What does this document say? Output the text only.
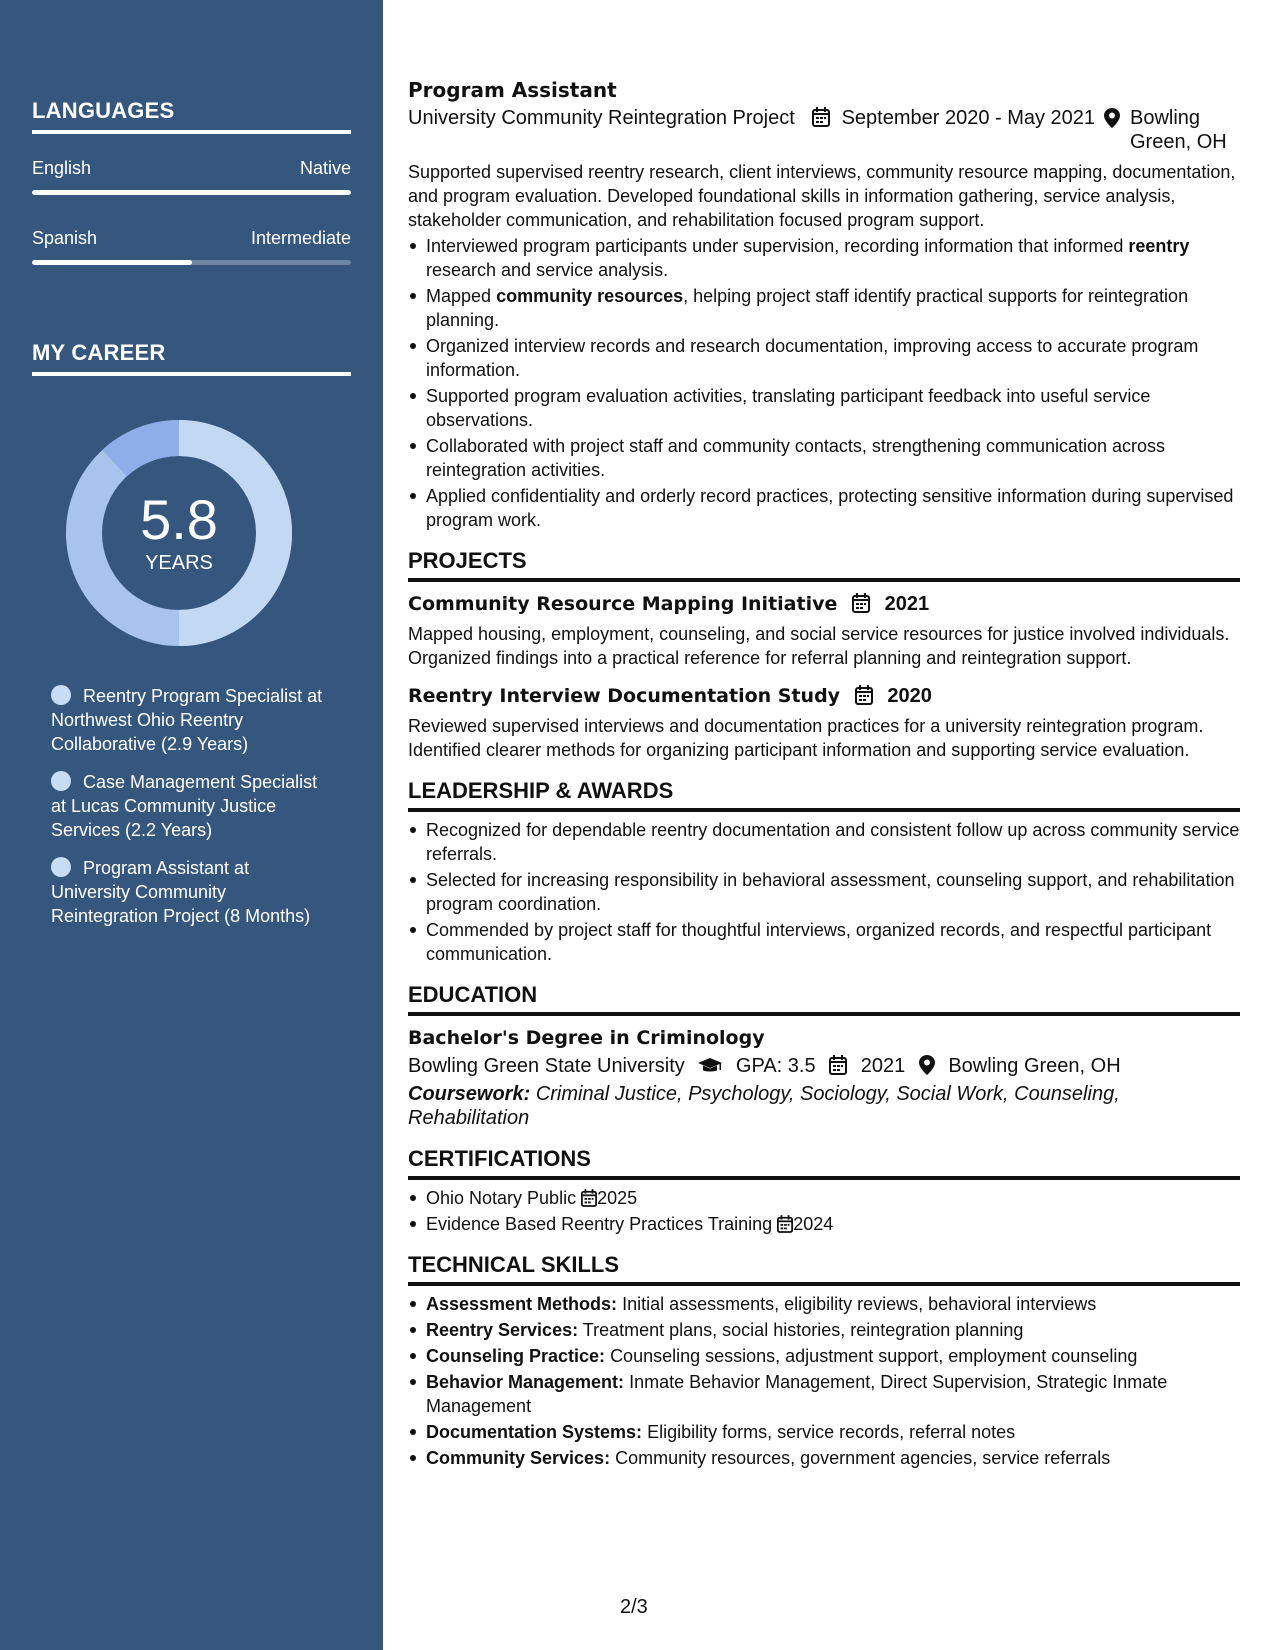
LANGUAGES
English	Native
Spanish	Intermediate
MY CAREER
5.8
YEARS
Reentry Program Specialist at Northwest Ohio Reentry Collaborative (2.9 Years)
Case Management Specialist at Lucas Community Justice Services (2.2 Years)
Program Assistant at University Community Reintegration Project (8 Months)
Program Assistant
University Community Reintegration Project	September 2020 - May 2021	Bowling Green, OH
Supported supervised reentry research, client interviews, community resource mapping, documentation, and program evaluation. Developed foundational skills in information gathering, service analysis, stakeholder communication, and rehabilitation focused program support.
Interviewed program participants under supervision, recording information that informed reentry research and service analysis.
Mapped community resources, helping project staff identify practical supports for reintegration planning.
Organized interview records and research documentation, improving access to accurate program information.
Supported program evaluation activities, translating participant feedback into useful service observations.
Collaborated with project staff and community contacts, strengthening communication across reintegration activities.
Applied confidentiality and orderly record practices, protecting sensitive information during supervised program work.
PROJECTS
Community Resource Mapping Initiative 2021
Mapped housing, employment, counseling, and social service resources for justice involved individuals. Organized findings into a practical reference for referral planning and reintegration support.
Reentry Interview Documentation Study 2020
Reviewed supervised interviews and documentation practices for a university reintegration program. Identified clearer methods for organizing participant information and supporting service evaluation.
LEADERSHIP & AWARDS
Recognized for dependable reentry documentation and consistent follow up across community service referrals.
Selected for increasing responsibility in behavioral assessment, counseling support, and rehabilitation program coordination.
Commended by project staff for thoughtful interviews, organized records, and respectful participant communication.
EDUCATION
Bachelor's Degree in Criminology
Bowling Green State University	GPA: 3.5 2021 Bowling Green, OH
Coursework: Criminal Justice, Psychology, Sociology, Social Work, Counseling, Rehabilitation
CERTIFICATIONS
Ohio Notary Public 2025
Evidence Based Reentry Practices Training 2024
TECHNICAL SKILLS
Assessment Methods: Initial assessments, eligibility reviews, behavioral interviews
Reentry Services: Treatment plans, social histories, reintegration planning
Counseling Practice: Counseling sessions, adjustment support, employment counseling
Behavior Management: Inmate Behavior Management, Direct Supervision, Strategic Inmate Management
Documentation Systems: Eligibility forms, service records, referral notes
Community Services: Community resources, government agencies, service referrals
2/3
